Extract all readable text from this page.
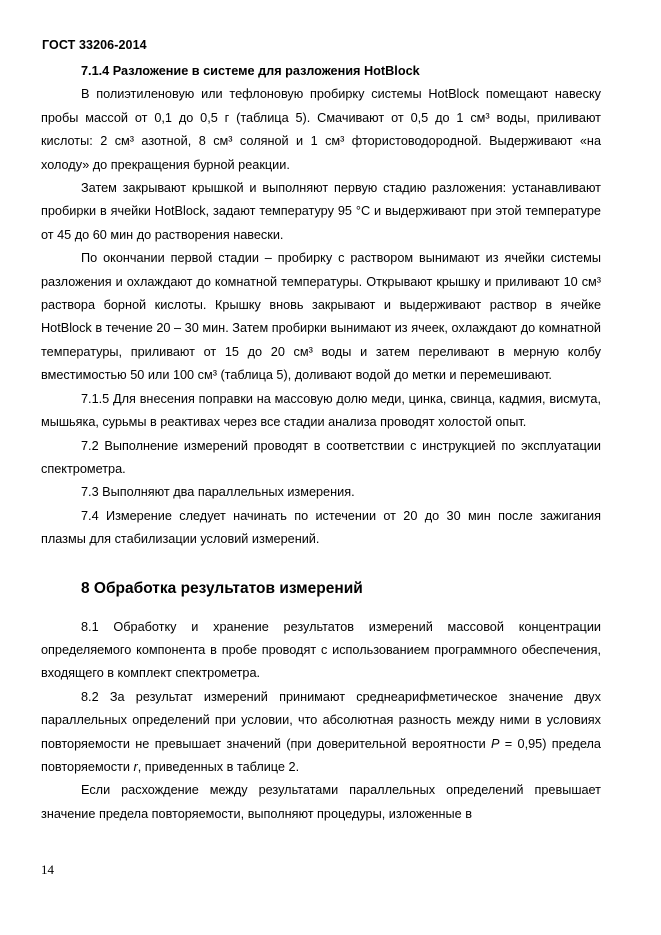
ГОСТ 33206-2014

7.1.4 Разложение в системе для разложения HotBlock

В полиэтиленовую или тефлоновую пробирку системы HotBlock помещают навеску пробы массой от 0,1 до 0,5 г (таблица 5). Смачивают от 0,5 до 1 см³ воды, приливают кислоты: 2 см³ азотной, 8 см³ соляной и 1 см³ фтористоводородной. Выдерживают «на холоду» до прекращения бурной реакции.

Затем закрывают крышкой и выполняют первую стадию разложения: устанавливают пробирки в ячейки HotBlock, задают температуру 95 °С и выдерживают при этой температуре от 45 до 60 мин до растворения навески.

По окончании первой стадии – пробирку с раствором вынимают из ячейки системы разложения и охлаждают до комнатной температуры. Открывают крышку и приливают 10 см³ раствора борной кислоты. Крышку вновь закрывают и выдерживают раствор в ячейке HotBlock в течение 20 – 30 мин. Затем пробирки вынимают из ячеек, охлаждают до комнатной температуры, приливают от 15 до 20 см³ воды и затем переливают в мерную колбу вместимостью 50 или 100 см³ (таблица 5), доливают водой до метки и перемешивают.

7.1.5 Для внесения поправки на массовую долю меди, цинка, свинца, кадмия, висмута, мышьяка, сурьмы в реактивах через все стадии анализа проводят холостой опыт.

7.2 Выполнение измерений проводят в соответствии с инструкцией по эксплуатации спектрометра.

7.3 Выполняют два параллельных измерения.

7.4 Измерение следует начинать по истечении от 20 до 30 мин после зажигания плазмы для стабилизации условий измерений.

8 Обработка результатов измерений

8.1 Обработку и хранение результатов измерений массовой концентрации определяемого компонента в пробе проводят с использованием программного обеспечения, входящего в комплект спектрометра.

8.2 За результат измерений принимают среднеарифметическое значение двух параллельных определений при условии, что абсолютная разность между ними в условиях повторяемости не превышает значений (при доверительной вероятности P = 0,95) предела повторяемости r, приведенных в таблице 2.

Если расхождение между результатами параллельных определений превышает значение предела повторяемости, выполняют процедуры, изложенные в

14
